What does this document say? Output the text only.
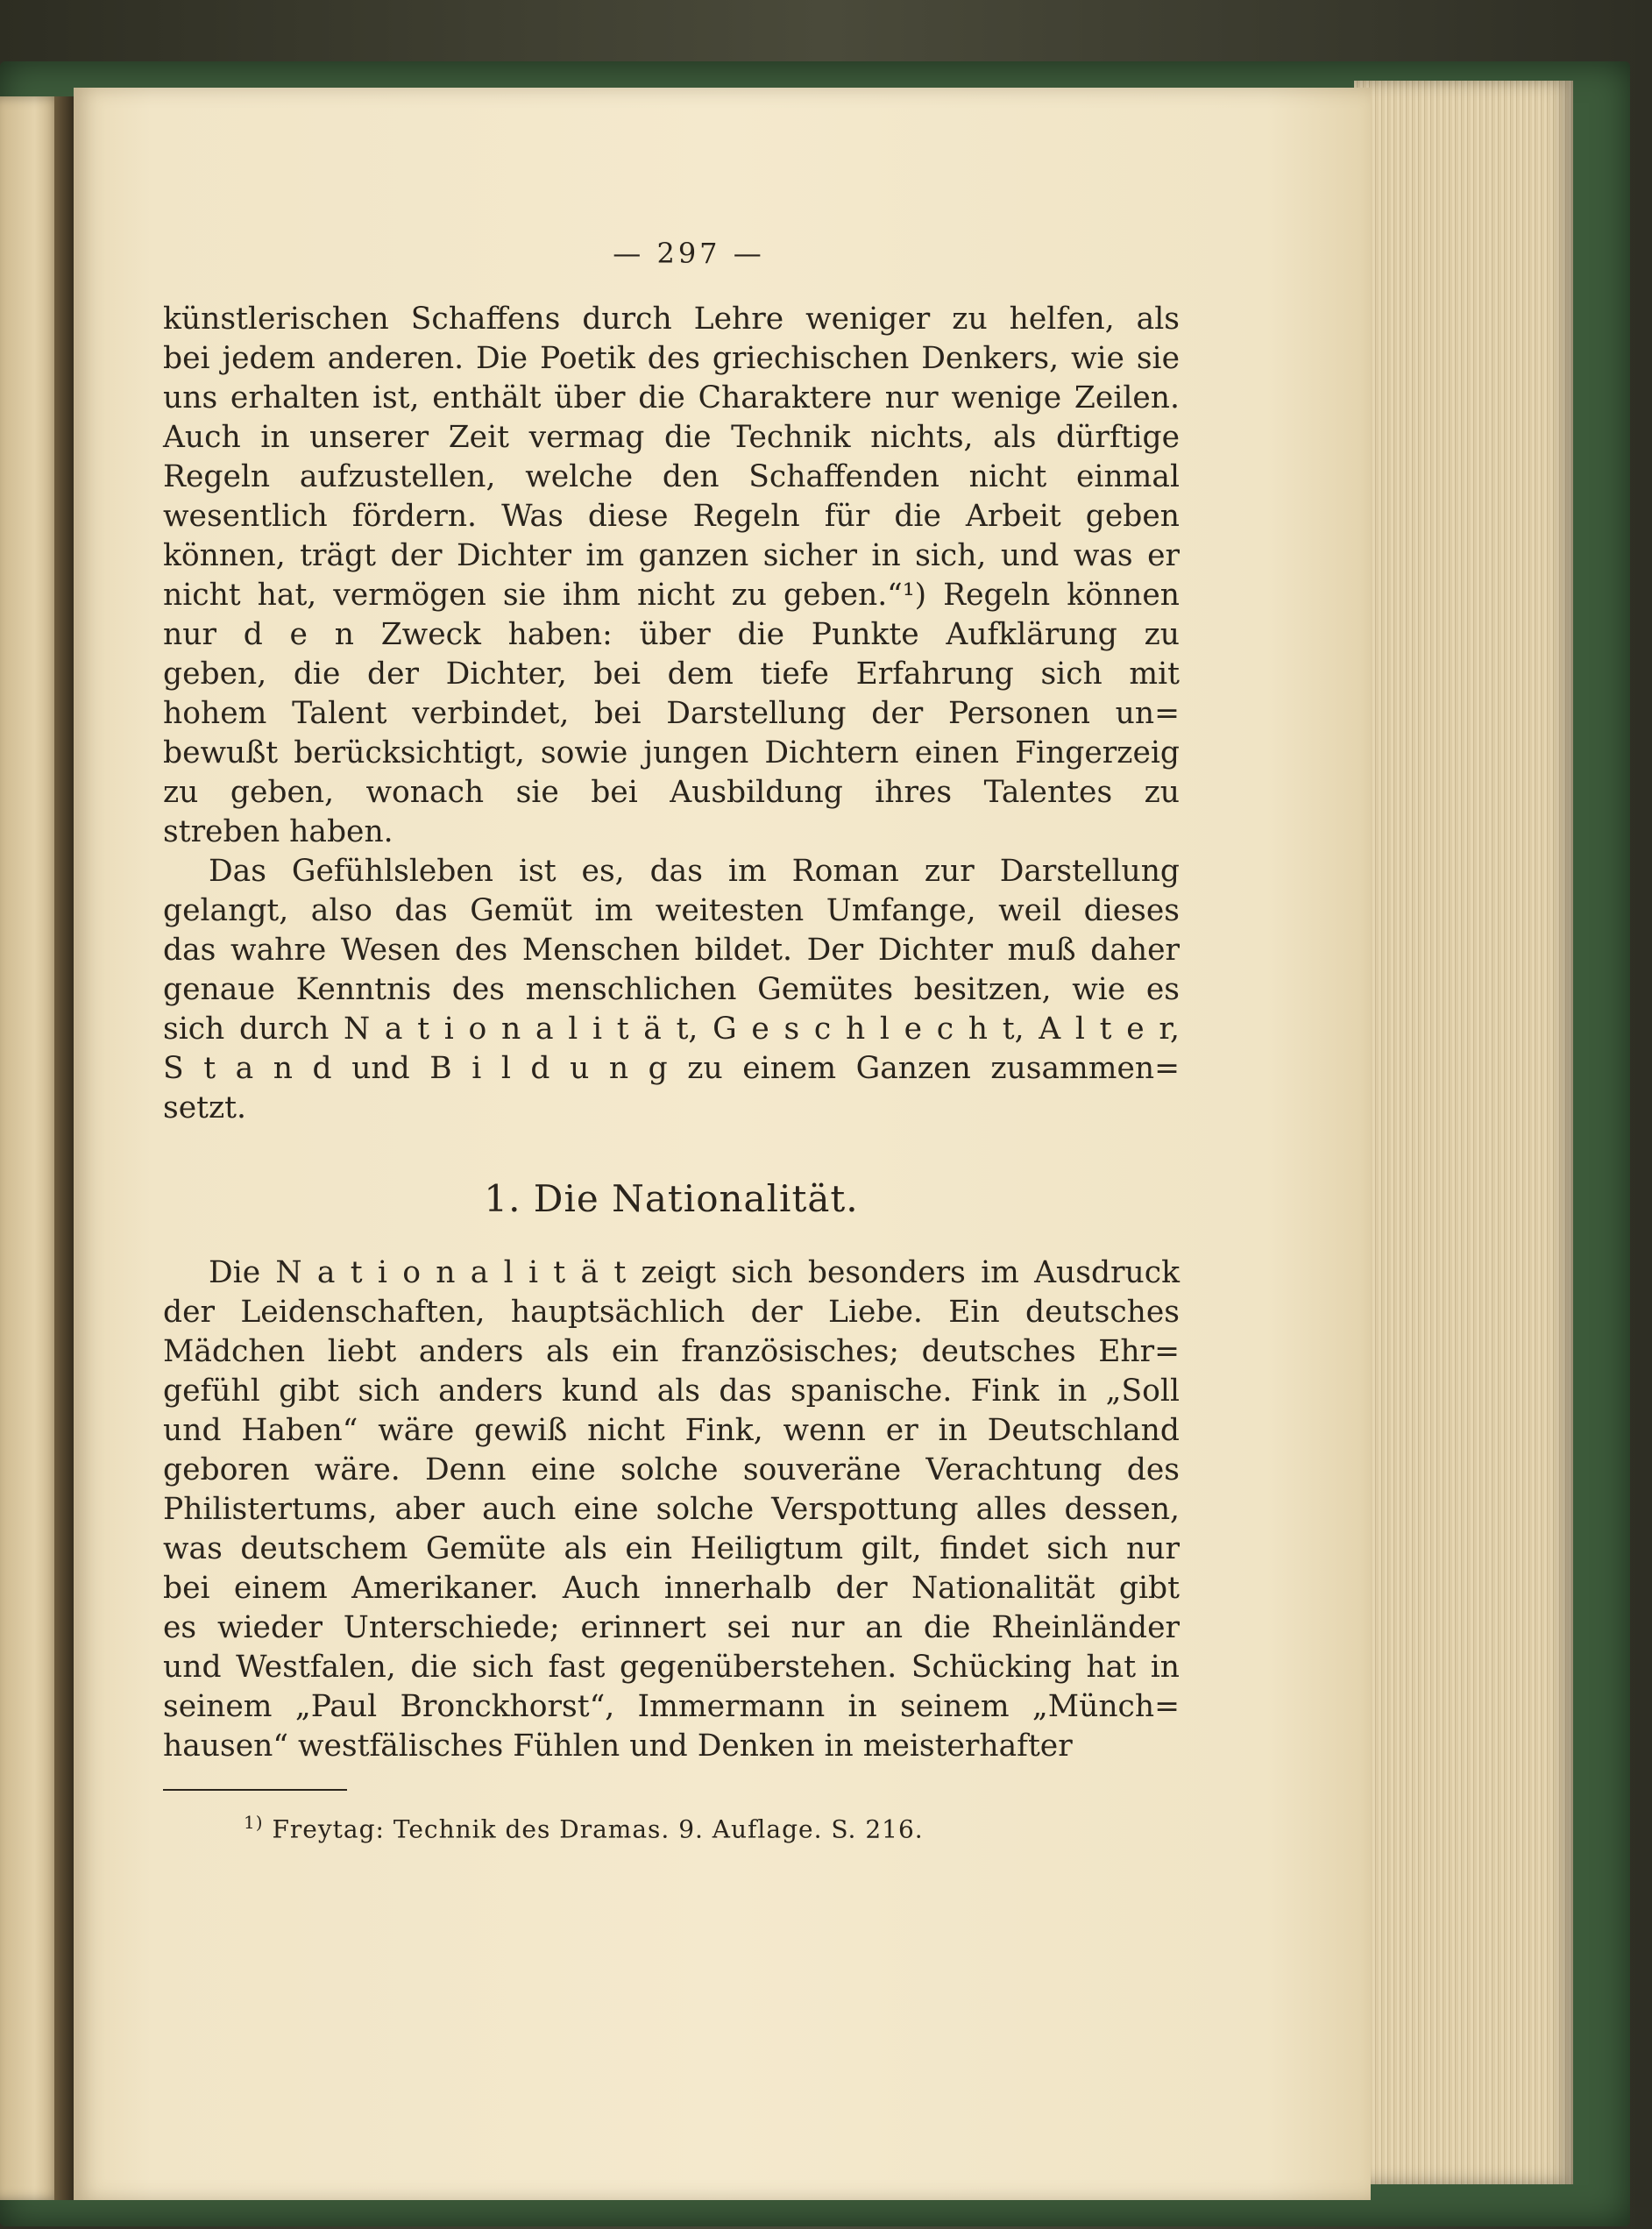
— 297 —

künstlerischen Schaffens durch Lehre weniger zu helfen, als
bei jedem anderen. Die Poetik des griechischen Denkers, wie sie
uns erhalten ist, enthält über die Charaktere nur wenige Zeilen.
Auch in unserer Zeit vermag die Technik nichts, als dürftige
Regeln aufzustellen, welche den Schaffenden nicht einmal
wesentlich fördern. Was diese Regeln für die Arbeit geben
können, trägt der Dichter im ganzen sicher in sich, und was er
nicht hat, vermögen sie ihm nicht zu geben.“¹) Regeln können
nur d e n Zweck haben: über die Punkte Aufklärung zu
geben, die der Dichter, bei dem tiefe Erfahrung sich mit
hohem Talent verbindet, bei Darstellung der Personen un=
bewußt berücksichtigt, sowie jungen Dichtern einen Fingerzeig
zu geben, wonach sie bei Ausbildung ihres Talentes zu
streben haben.

Das Gefühlsleben ist es, das im Roman zur Darstellung
gelangt, also das Gemüt im weitesten Umfange, weil dieses
das wahre Wesen des Menschen bildet. Der Dichter muß daher
genaue Kenntnis des menschlichen Gemütes besitzen, wie es
sich durch N a t i o n a l i t ä t, G e s c h l e c h t, A l t e r,
S t a n d und B i l d u n g zu einem Ganzen zusammen=
setzt.

1. Die Nationalität.

Die N a t i o n a l i t ä t zeigt sich besonders im Ausdruck
der Leidenschaften, hauptsächlich der Liebe. Ein deutsches
Mädchen liebt anders als ein französisches; deutsches Ehr=
gefühl gibt sich anders kund als das spanische. Fink in „Soll
und Haben“ wäre gewiß nicht Fink, wenn er in Deutschland
geboren wäre. Denn eine solche souveräne Verachtung des
Philistertums, aber auch eine solche Verspottung alles dessen,
was deutschem Gemüte als ein Heiligtum gilt, findet sich nur
bei einem Amerikaner. Auch innerhalb der Nationalität gibt
es wieder Unterschiede; erinnert sei nur an die Rheinländer
und Westfalen, die sich fast gegenüberstehen. Schücking hat in
seinem „Paul Bronckhorst“, Immermann in seinem „Münch=
hausen“ westfälisches Fühlen und Denken in meisterhafter

$^{1)}$ Freytag: Technik des Dramas. 9. Auflage. S. 216.
